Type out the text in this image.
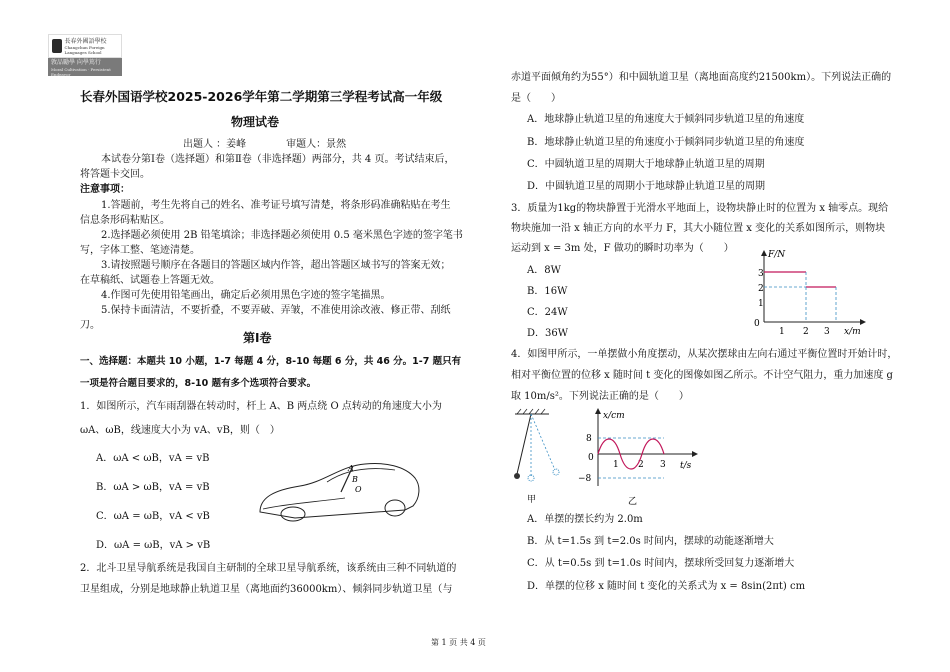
長春外國語學校
Changchun Foreign Languages School
敦品勵學 向學篤行
Moral Cultivation · Persistent Endeavor
长春外国语学校2025-2026学年第二学期第三学程考试高一年级
物理试卷
出题人 ：姜峰　　　　审题人：景然
本试卷分第Ⅰ卷（选择题）和第Ⅱ卷（非选择题）两部分，共 4 页。考试结束后，
将答题卡交回。
注意事项：
1.答题前，考生先将自己的姓名、准考证号填写清楚，将条形码准确粘贴在考生
信息条形码粘贴区。
2.选择题必须使用 2B 铅笔填涂；非选择题必须使用 0.5 毫米黑色字迹的签字笔书
写，字体工整、笔迹清楚。
3.请按照题号顺序在各题目的答题区域内作答，超出答题区域书写的答案无效；
在草稿纸、试题卷上答题无效。
4.作图可先使用铅笔画出，确定后必须用黑色字迹的签字笔描黑。
5.保持卡面清洁，不要折叠，不要弄破、弄皱，不准使用涂改液、修正带、刮纸
刀。
第Ⅰ卷
一、选择题：本题共 10 小题，1-7 每题 4 分，8-10 每题 6 分，共 46 分。1-7 题只有
一项是符合题目要求的，8-10 题有多个选项符合要求。
1．如图所示，汽车雨刮器在转动时，杆上 A、B 两点绕 O 点转动的角速度大小为
ωA、ωB，线速度大小为 vA、vB，则（　）
A．ωA < ωB，vA = vB
B．ωA > ωB，vA = vB
C．ωA = ωB，vA < vB
D．ωA = ωB，vA > vB
A
B
O
2．北斗卫星导航系统是我国自主研制的全球卫星导航系统，该系统由三种不同轨道的
卫星组成，分别是地球静止轨道卫星（离地面约36000km）、倾斜同步轨道卫星（与
赤道平面倾角约为55°）和中圆轨道卫星（离地面高度约21500km）。下列说法正确的
是（　　）
A．地球静止轨道卫星的角速度大于倾斜同步轨道卫星的角速度
B．地球静止轨道卫星的角速度小于倾斜同步轨道卫星的角速度
C．中圆轨道卫星的周期大于地球静止轨道卫星的周期
D．中圆轨道卫星的周期小于地球静止轨道卫星的周期
3．质量为1kg的物块静置于光滑水平地面上，设物块静止时的位置为 x 轴零点。现给
物块施加一沿 x 轴正方向的水平力 F，其大小随位置 x 变化的关系如图所示，则物块
运动到 x = 3m 处，F 做功的瞬时功率为（　　）
A．8W
B．16W
C．24W
D．36W
F/N
x/m
0
3
2
1
1 2 3
4．如图甲所示，一单摆做小角度摆动，从某次摆球由左向右通过平衡位置时开始计时，
相对平衡位置的位移 x 随时间 t 变化的图像如图乙所示。不计空气阻力，重力加速度 g
取 10m/s²。下列说法正确的是（　　）
甲
x/cm
t/s
8
0
−8
1 2 3
乙
A．单摆的摆长约为 2.0m
B．从 t=1.5s 到 t=2.0s 时间内，摆球的动能逐渐增大
C．从 t=0.5s 到 t=1.0s 时间内，摆球所受回复力逐渐增大
D．单摆的位移 x 随时间 t 变化的关系式为 x = 8sin(2πt) cm
第 1 页 共 4 页
